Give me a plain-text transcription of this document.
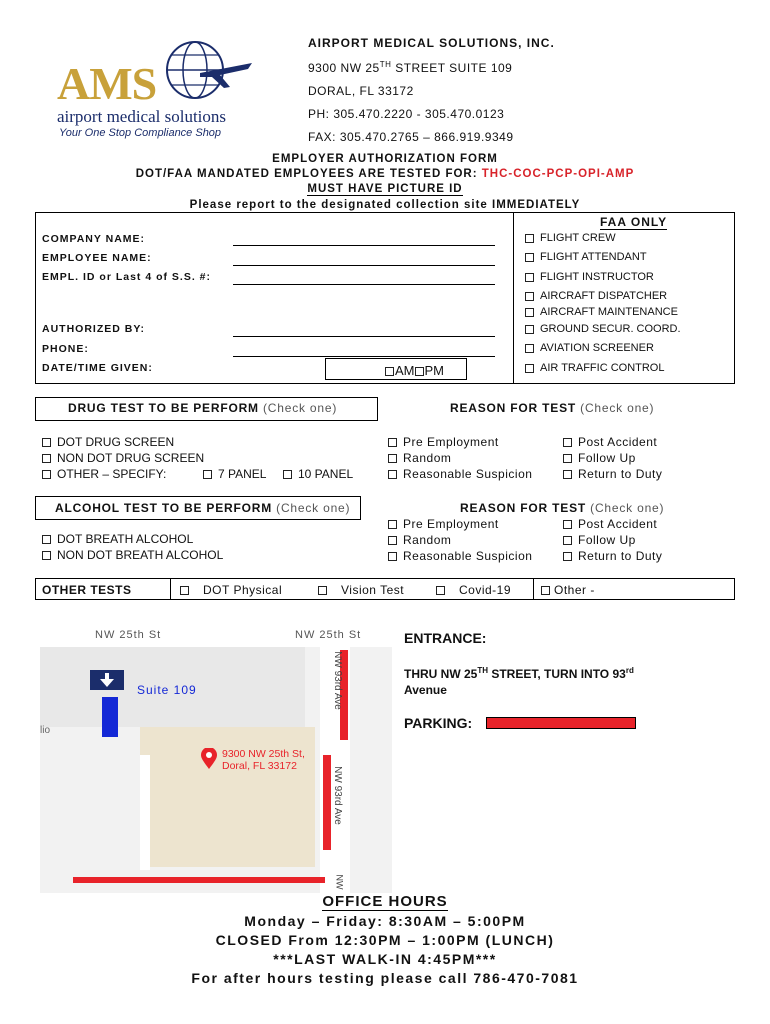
AMS
airport medical solutions
Your One Stop Compliance Shop
AIRPORT MEDICAL SOLUTIONS, INC.
9300 NW 25TH STREET SUITE 109
DORAL, FL 33172
PH: 305.470.2220 - 305.470.0123
FAX: 305.470.2765 – 866.919.9349
EMPLOYER AUTHORIZATION FORM
DOT/FAA MANDATED EMPLOYEES ARE TESTED FOR: THC-COC-PCP-OPI-AMP
MUST HAVE PICTURE ID
Please report to the designated collection site IMMEDIATELY
COMPANY NAME:
EMPLOYEE NAME:
EMPL. ID or Last 4 of S.S. #:
AUTHORIZED BY:
PHONE:
DATE/TIME GIVEN:	AM PM
FAA ONLY
FLIGHT CREW
FLIGHT ATTENDANT
FLIGHT INSTRUCTOR
AIRCRAFT DISPATCHER
AIRCRAFT MAINTENANCE
GROUND SECUR. COORD.
AVIATION SCREENER
AIR TRAFFIC CONTROL
DRUG TEST TO BE PERFORM (Check one)
DOT DRUG SCREEN
NON DOT DRUG SCREEN
OTHER – SPECIFY:	7 PANEL	10 PANEL
REASON FOR TEST (Check one)
Pre Employment
Random
Reasonable Suspicion
Post Accident
Follow Up
Return to Duty
ALCOHOL TEST TO BE PERFORM (Check one)
DOT BREATH ALCOHOL
NON DOT BREATH ALCOHOL
REASON FOR TEST (Check one)
Pre Employment
Random
Reasonable Suspicion
Post Accident
Follow Up
Return to Duty
OTHER TESTS	DOT Physical	Vision Test	Covid-19	Other -
NW 25th St	NW 25th St
NW 93rd Ave
NW 93rd Ave
NW
Suite 109
lio
9300 NW 25th St,
Doral, FL 33172
ENTRANCE:
THRU NW 25TH STREET, TURN INTO 93rd
Avenue
PARKING:
OFFICE HOURS
Monday – Friday: 8:30AM – 5:00PM
CLOSED From 12:30PM – 1:00PM (LUNCH)
***LAST WALK-IN 4:45PM***
For after hours testing please call 786-470-7081
